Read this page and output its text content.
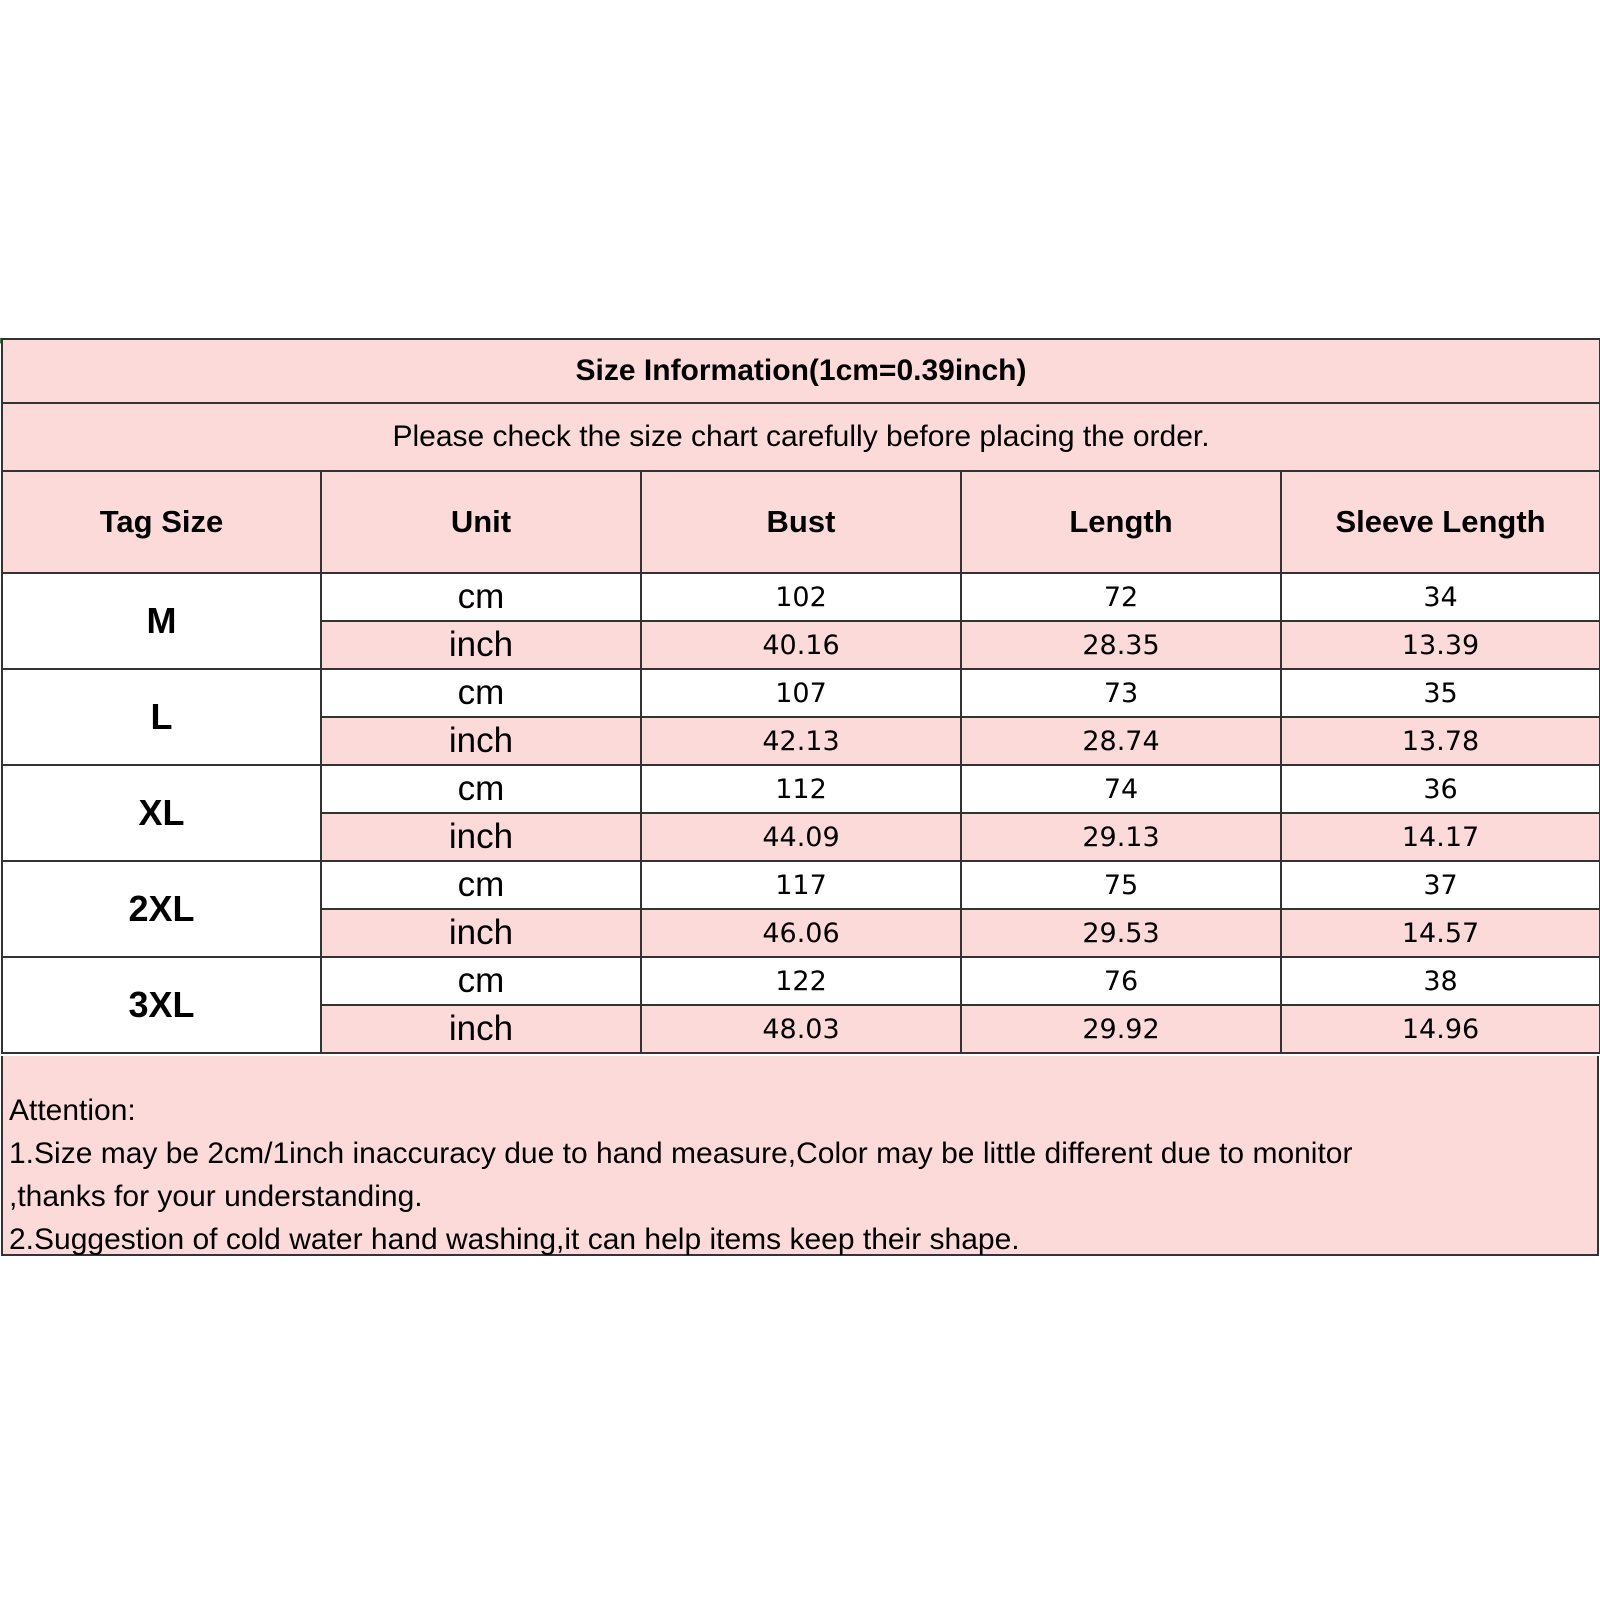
Size Information(1cm=0.39inch)				
Please check the size chart carefully before placing the order.				
Tag Size	Unit	Bust	Length	Sleeve Length
M	cm	102	72	34
	inch	40.16	28.35	13.39
L	cm	107	73	35
	inch	42.13	28.74	13.78
XL	cm	112	74	36
	inch	44.09	29.13	14.17
2XL	cm	117	75	37
	inch	46.06	29.53	14.57
3XL	cm	122	76	38
	inch	48.03	29.92	14.96
Attention:
1.Size may be 2cm/1inch inaccuracy due to hand measure,Color may be little different due to monitor
,thanks for your understanding.
2.Suggestion of cold water hand washing,it can help items keep their shape.
